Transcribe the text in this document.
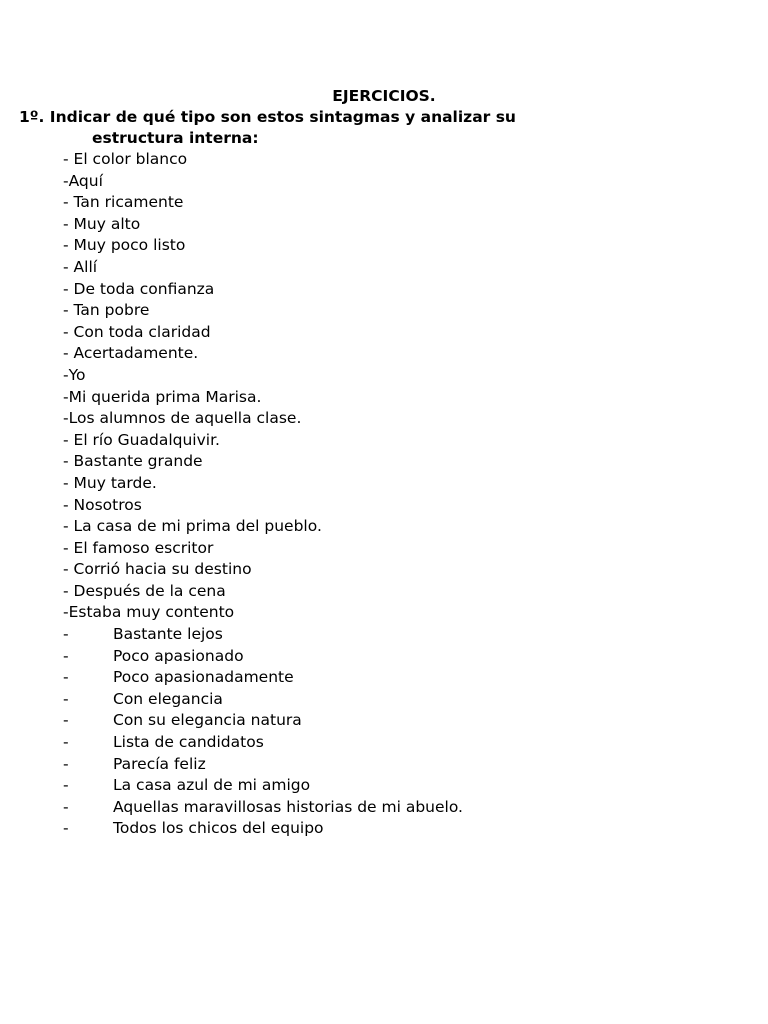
EJERCICIOS.

1º. Indicar de qué tipo son estos sintagmas y analizar su
estructura interna:

- El color blanco
-Aquí
- Tan ricamente
- Muy alto
- Muy poco listo
- Allí
- De toda confianza
- Tan pobre
- Con toda claridad
- Acertadamente.
-Yo
-Mi querida prima Marisa.
-Los alumnos de aquella clase.
- El río Guadalquivir.
- Bastante grande
- Muy tarde.
- Nosotros
- La casa de mi prima del pueblo.
- El famoso escritor
- Corrió hacia su destino
- Después de la cena
-Estaba muy contento
-	Bastante lejos
-	Poco apasionado
-	Poco apasionadamente
-	Con elegancia
-	Con su elegancia natura
-	Lista de candidatos
-	Parecía feliz
-	La casa azul de mi amigo
-	Aquellas maravillosas historias de mi abuelo.
-	Todos los chicos del equipo
